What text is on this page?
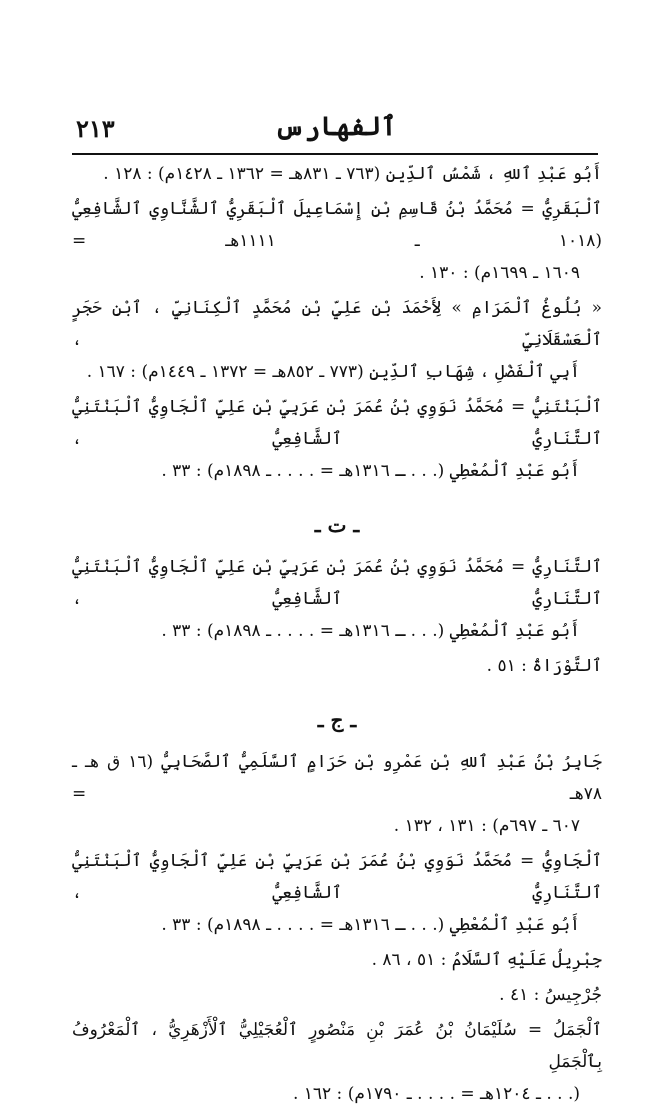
ٱلفهارس
٢١٣

أَبُو عَبْدِ ٱللهِ ، شَمْسُ ٱلدِّين (٧٦٣ ـ ٨٣١هـ = ١٣٦٢ ـ ١٤٢٨م) : ١٢٨ .

ٱلْبَقَرِيُّ = مُحَمَّدُ بْنُ قَاسِمِ بْنِ إِسْمَاعِيلَ ٱلْبَقَرِيُّ ٱلشَّنَّاوِي ٱلشَّافِعِيُّ (١٠١٨ ـ ١١١١هـ =

١٦٠٩ ـ ١٦٩٩م) : ١٣٠ .

« بُلُوغُ ٱلْمَرَامِ » لِأَحْمَدَ بْنِ عَلِيِّ بْنِ مُحَمَّدٍ ٱلْكِنَانِيِّ ، ٱبْنِ حَجَرٍ ٱلْعَسْقَلَانِيِّ ،

أَبِي ٱلْفَضْلِ ، شِهَابِ ٱلدِّينِ (٧٧٣ ـ ٨٥٢هـ = ١٣٧٢ ـ ١٤٤٩م) : ١٦٧ .

ٱلْبَنْتَنِيُّ = مُحَمَّدُ نَوَوِي بْنُ عُمَرَ بْنِ عَرَبِيِّ بْنِ عَلِيِّ ٱلْجَاوِيُّ ٱلْبَنْتَنِيُّ ٱلتَّنَارِيُّ ٱلشَّافِعِيُّ ،

أَبُو عَبْدِ ٱلْمُعْطِي (. . . ـ ١٣١٦هـ = . . . . ـ ١٨٩٨م) : ٣٣ .

ـ ت ـ

ٱلتَّنَارِيُّ = مُحَمَّدُ نَوَوِي بْنُ عُمَرَ بْنِ عَرَبِيِّ بْنِ عَلِيِّ ٱلْجَاوِيُّ ٱلْبَنْتَنِيُّ ٱلتَّنَارِيُّ ٱلشَّافِعِيُّ ،

أَبُو عَبْدِ ٱلْمُعْطِي (. . . ـ ١٣١٦هـ = . . . . ـ ١٨٩٨م) : ٣٣ .

ٱلتَّوْرَاةُ : ٥١ .

ـ ج ـ

جَابِرُ بْنُ عَبْدِ ٱللهِ بْنِ عَمْرِو بْنِ حَرَامٍ ٱلسَّلَمِيُّ ٱلصَّحَابِيُّ (١٦ ق هـ ـ ٧٨هـ =

٦٠٧ ـ ٦٩٧م) : ١٣١ ، ١٣٢ .

ٱلْجَاوِيُّ = مُحَمَّدُ نَوَوِي بْنُ عُمَرَ بْنِ عَرَبِيِّ بْنِ عَلِيِّ ٱلْجَاوِيُّ ٱلْبَنْتَنِيُّ ٱلتَّنَارِيُّ ٱلشَّافِعِيُّ ،

أَبُو عَبْدِ ٱلْمُعْطِي (. . . ـ ١٣١٦هـ = . . . . ـ ١٨٩٨م) : ٣٣ .

جِبْرِيلُ عَلَيْهِ ٱلسَّلَامُ : ٥١ ، ٨٦ .

جُرْجِيسُ : ٤١ .

ٱلْجَمَلُ = سُلَيْمَانُ بْنُ عُمَرَ بْنِ مَنْصُورٍ ٱلْعُجَيْلِيُّ ٱلْأَزْهَرِيُّ ، ٱلْمَعْرُوفُ بِٱلْجَمَلِ

(. . . ـ ١٢٠٤هـ = . . . . ـ ١٧٩٠م) : ١٦٢ .
